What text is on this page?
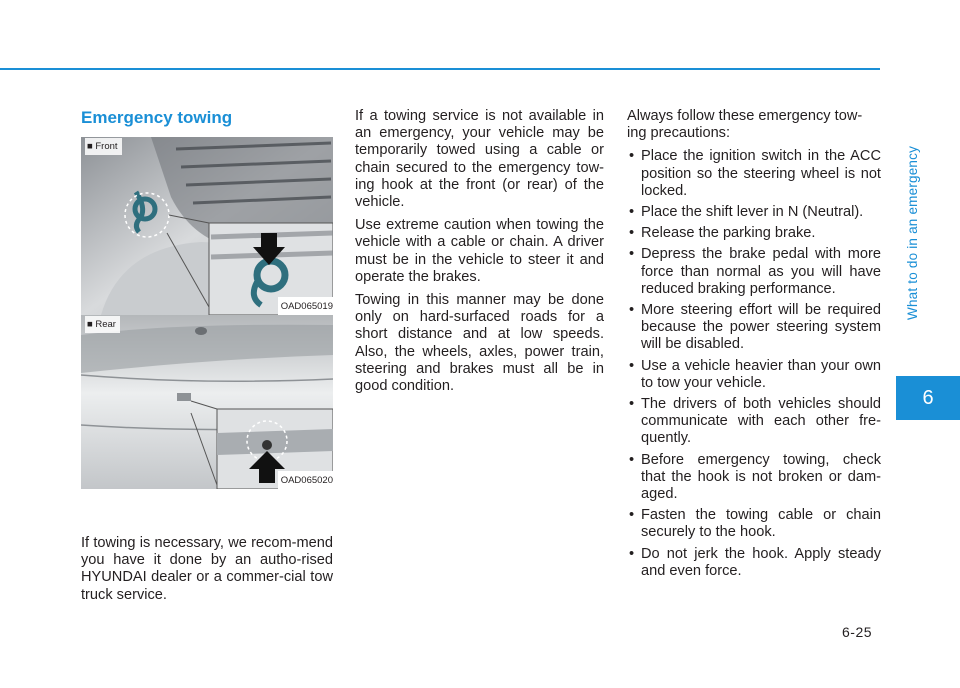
What to do in an emergency
6
6-25
Emergency towing
■ Front
OAD065019
■ Rear
OAD065020

If towing is necessary, we recom-mend you have it done by an autho-rised HYUNDAI dealer or a commer-cial tow truck service.

If a towing service is not available in an emergency, your vehicle may be temporarily towed using a cable or chain secured to the emergency tow-ing hook at the front (or rear) of the vehicle.

Use extreme caution when towing the vehicle with a cable or chain. A driver must be in the vehicle to steer it and operate the brakes.

Towing in this manner may be done only on hard-surfaced roads for a short distance and at low speeds. Also, the wheels, axles, power train, steering and brakes must all be in good condition.

Always follow these emergency tow-ing precautions:

• Place the ignition switch in the ACC position so the steering wheel is not locked.
• Place the shift lever in N (Neutral).
• Release the parking brake.
• Depress the brake pedal with more force than normal as you will have reduced braking performance.
• More steering effort will be required because the power steering system will be disabled.
• Use a vehicle heavier than your own to tow your vehicle.
• The drivers of both vehicles should communicate with each other fre-quently.
• Before emergency towing, check that the hook is not broken or dam-aged.
• Fasten the towing cable or chain securely to the hook.
• Do not jerk the hook. Apply steady and even force.
